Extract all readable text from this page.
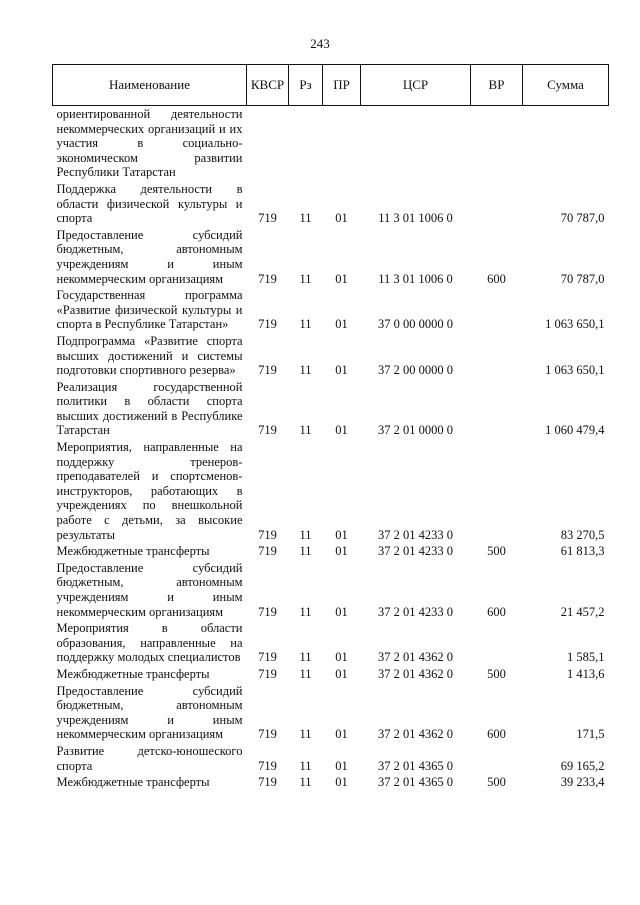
243
Наименование	КВСР	Рз	ПР	ЦСР	ВР	Сумма
ориентированной деятельности некоммерческих организаций и их участия в социально-экономическом развитии Республики Татарстан						
Поддержка деятельности в области физической культуры и спорта	719	11	01	11 3 01 1006 0		70 787,0
Предоставление субсидий бюджетным, автономным учреждениям и иным некоммерческим организациям	719	11	01	11 3 01 1006 0	600	70 787,0
Государственная программа «Развитие физической культуры и спорта в Республике Татарстан»	719	11	01	37 0 00 0000 0		1 063 650,1
Подпрограмма «Развитие спорта высших достижений и системы подготовки спортивного резерва»	719	11	01	37 2 00 0000 0		1 063 650,1
Реализация государственной политики в области спорта высших достижений в Республике Татарстан	719	11	01	37 2 01 0000 0		1 060 479,4
Мероприятия, направленные на поддержку тренеров-преподавателей и спортсменов-инструкторов, работающих в учреждениях по внешкольной работе с детьми, за высокие результаты	719	11	01	37 2 01 4233 0		83 270,5
Межбюджетные трансферты	719	11	01	37 2 01 4233 0	500	61 813,3
Предоставление субсидий бюджетным, автономным учреждениям и иным некоммерческим организациям	719	11	01	37 2 01 4233 0	600	21 457,2
Мероприятия в области образования, направленные на поддержку молодых специалистов	719	11	01	37 2 01 4362 0		1 585,1
Межбюджетные трансферты	719	11	01	37 2 01 4362 0	500	1 413,6
Предоставление субсидий бюджетным, автономным учреждениям и иным некоммерческим организациям	719	11	01	37 2 01 4362 0	600	171,5
Развитие детско-юношеского спорта	719	11	01	37 2 01 4365 0		69 165,2
Межбюджетные трансферты	719	11	01	37 2 01 4365 0	500	39 233,4
